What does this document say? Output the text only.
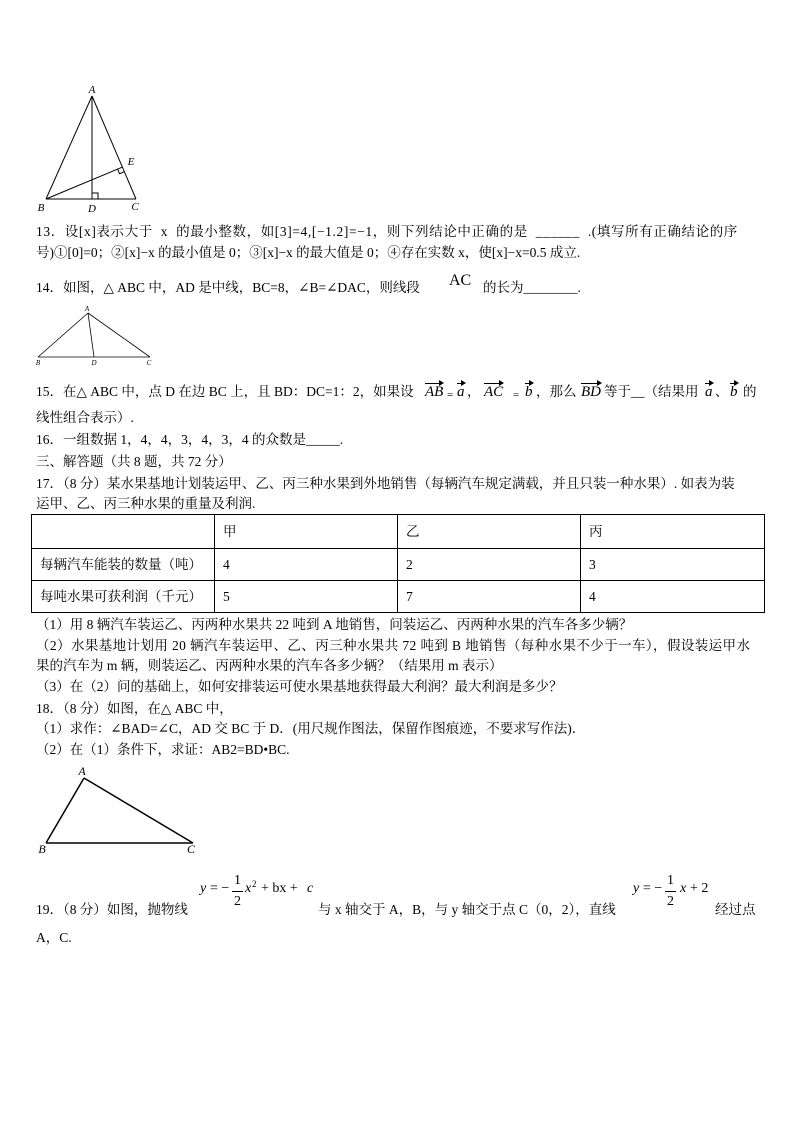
A
B	D	C
E
13．设[x]表示大于  x  的最小整数，如[3]=4,[−1.2]=−1，则下列结论中正确的是  ______  .(填写所有正确结论的序
号)①[0]=0；②[x]−x 的最小值是 0；③[x]−x 的最大值是 0；④存在实数 x，使[x]−x=0.5 成立.
14．如图，△ ABC 中，AD 是中线，BC=8，∠B=∠DAC，则线段 AC 的长为________.
A
B	D	C
15．在△ ABC 中，点 D 在边 BC 上，且 BD：DC=1：2，如果设 AB = a ， AC = b ，那么 BD 等于__（结果用 a 、 b 的
线性组合表示）.
16．一组数据 1，4，4，3，4，3，4 的众数是_____.
三、解答题（共 8 题，共 72 分）
17．（8 分）某水果基地计划装运甲、乙、丙三种水果到外地销售（每辆汽车规定满载，并且只装一种水果）. 如表为装
运甲、乙、丙三种水果的重量及利润.
	甲	乙	丙
每辆汽车能装的数量（吨）	4	2	3
每吨水果可获利润（千元）	5	7	4
（1）用 8 辆汽车装运乙、丙两种水果共 22 吨到 A 地销售，问装运乙、丙两种水果的汽车各多少辆？
（2）水果基地计划用 20 辆汽车装运甲、乙、丙三种水果共 72 吨到 B 地销售（每种水果不少于一车），假设装运甲水
果的汽车为 m 辆，则装运乙、丙两种水果的汽车各多少辆？（结果用 m 表示）
（3）在（2）问的基础上，如何安排装运可使水果基地获得最大利润？最大利润是多少？
18．（8 分）如图，在△ ABC 中，
（1）求作：∠BAD=∠C，AD 交 BC 于 D．(用尺规作图法，保留作图痕迹，不要求写作法)．
（2）在（1）条件下，求证：AB2=BD•BC.
A
B	C
y = −
1
2
x 2 + bx + c
19．（8 分）如图，抛物线	与 x 轴交于 A，B，与 y 轴交于点 C（0，2），直线
y = −
1
2
x + 2
经过点
A，C.
